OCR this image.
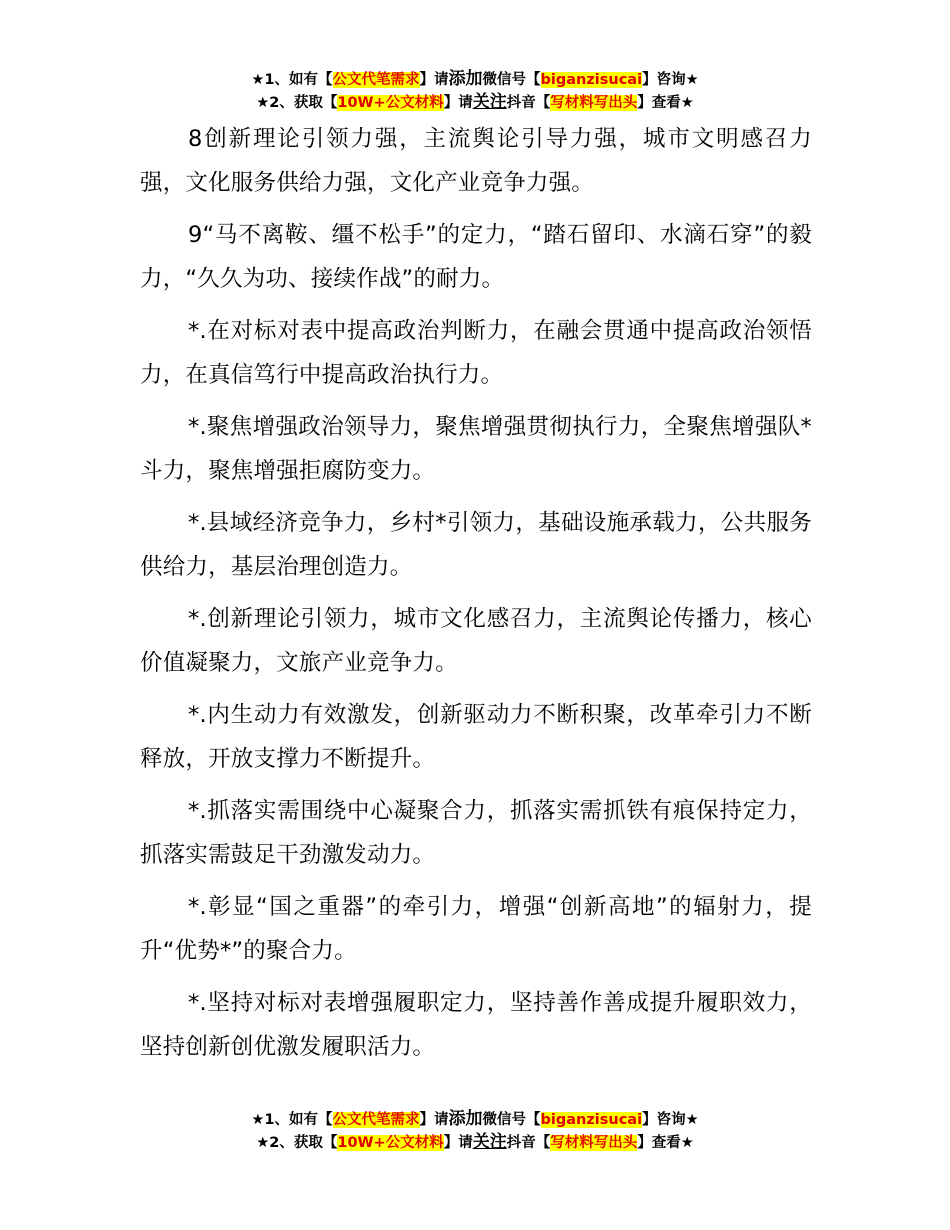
★1、如有【公文代笔需求】请添加微信号【biganzisucai】咨询★
★2、获取【10W+公文材料】请关注抖音【写材料写出头】查看★

8创新理论引领力强，主流舆论引导力强，城市文明感召力强，文化服务供给力强，文化产业竞争力强。

9“马不离鞍、缰不松手”的定力，“踏石留印、水滴石穿”的毅力，“久久为功、接续作战”的耐力。

*.在对标对表中提高政治判断力，在融会贯通中提高政治领悟力，在真信笃行中提高政治执行力。

*.聚焦增强政治领导力，聚焦增强贯彻执行力，全聚焦增强队*斗力，聚焦增强拒腐防变力。

*.县域经济竞争力，乡村*引领力，基础设施承载力，公共服务供给力，基层治理创造力。

*.创新理论引领力，城市文化感召力，主流舆论传播力，核心价值凝聚力，文旅产业竞争力。

*.内生动力有效激发，创新驱动力不断积聚，改革牵引力不断释放，开放支撑力不断提升。

*.抓落实需围绕中心凝聚合力，抓落实需抓铁有痕保持定力，抓落实需鼓足干劲激发动力。

*.彰显“国之重器”的牵引力，增强“创新高地”的辐射力，提升“优势*”的聚合力。

*.坚持对标对表增强履职定力，坚持善作善成提升履职效力，坚持创新创优激发履职活力。

★1、如有【公文代笔需求】请添加微信号【biganzisucai】咨询★
★2、获取【10W+公文材料】请关注抖音【写材料写出头】查看★
